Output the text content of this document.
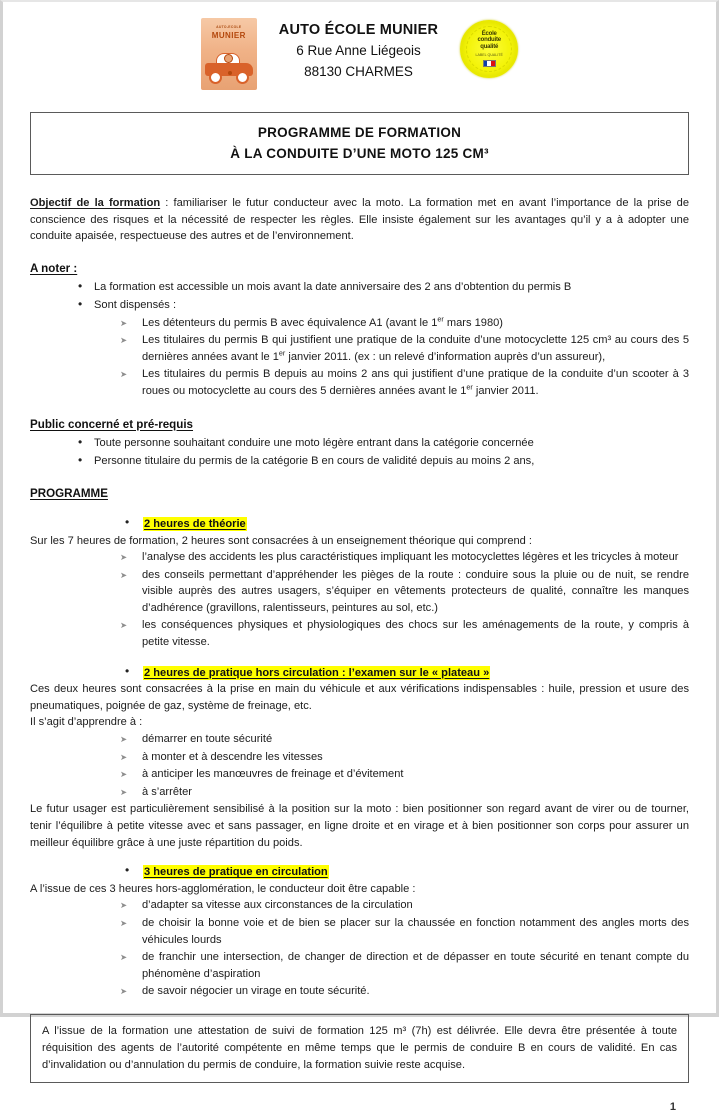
AUTO-ECOLE
MUNIER	AUTO ÉCOLE MUNIER
6 Rue Anne Liégeois
88130 CHARMES
École
conduite
qualité
LABEL QUALITÉ
PROGRAMME DE FORMATION
À LA CONDUITE D’UNE MOTO 125 CM³

Objectif de la formation : familiariser le futur conducteur avec la moto. La formation met en avant l’importance de la prise de conscience des risques et la nécessité de respecter les règles. Elle insiste également sur les avantages qu’il y a à adopter une conduite apaisée, respectueuse des autres et de l’environnement.

A noter :
• La formation est accessible un mois avant la date anniversaire des 2 ans d’obtention du permis B
• Sont dispensés :
➤ Les détenteurs du permis B avec équivalence A1 (avant le 1er mars 1980)
➤ Les titulaires du permis B qui justifient une pratique de la conduite d’une motocyclette 125 cm³ au cours des 5 dernières années avant le 1er janvier 2011. (ex : un relevé d’information auprès d’un assureur),
➤ Les titulaires du permis B depuis au moins 2 ans qui justifient d’une pratique de la conduite d’un scooter à 3 roues ou motocyclette au cours des 5 dernières années avant le 1er janvier 2011.
Public concerné et pré-requis
• Toute personne souhaitant conduire une moto légère entrant dans la catégorie concernée
• Personne titulaire du permis de la catégorie B en cours de validité depuis au moins 2 ans,
PROGRAMME
• 2 heures de théorie

Sur les 7 heures de formation, 2 heures sont consacrées à un enseignement théorique qui comprend :

➤ l’analyse des accidents les plus caractéristiques impliquant les motocyclettes légères et les tricycles à moteur
➤ des conseils permettant d’appréhender les pièges de la route : conduire sous la pluie ou de nuit, se rendre visible auprès des autres usagers, s’équiper en vêtements protecteurs de qualité, connaître les manques d’adhérence (gravillons, ralentisseurs, peintures au sol, etc.)
➤ les conséquences physiques et physiologiques des chocs sur les aménagements de la route, y compris à petite vitesse.
• 2 heures de pratique hors circulation : l’examen sur le « plateau »

Ces deux heures sont consacrées à la prise en main du véhicule et aux vérifications indispensables : huile, pression et usure des pneumatiques, poignée de gaz, système de freinage, etc.

Il s’agit d’apprendre à :

➤ démarrer en toute sécurité
➤ à monter et à descendre les vitesses
➤ à anticiper les manœuvres de freinage et d’évitement
➤ à s’arrêter

Le futur usager est particulièrement sensibilisé à la position sur la moto : bien positionner son regard avant de virer ou de tourner, tenir l’équilibre à petite vitesse avec et sans passager, en ligne droite et en virage et à bien positionner son corps pour assurer un meilleur équilibre grâce à une juste répartition du poids.

• 3 heures de pratique en circulation

A l’issue de ces 3 heures hors-agglomération, le conducteur doit être capable :

➤ d’adapter sa vitesse aux circonstances de la circulation
➤ de choisir la bonne voie et de bien se placer sur la chaussée en fonction notamment des angles morts des véhicules lourds
➤ de franchir une intersection, de changer de direction et de dépasser en toute sécurité en tenant compte du phénomène d’aspiration
➤ de savoir négocier un virage en toute sécurité.
A l’issue de la formation une attestation de suivi de formation 125 m³ (7h) est délivrée. Elle devra être présentée à toute réquisition des agents de l’autorité compétente en même temps que le permis de conduire B en cours de validité. En cas d’invalidation ou d’annulation du permis de conduire, la formation suivie reste acquise.
1
